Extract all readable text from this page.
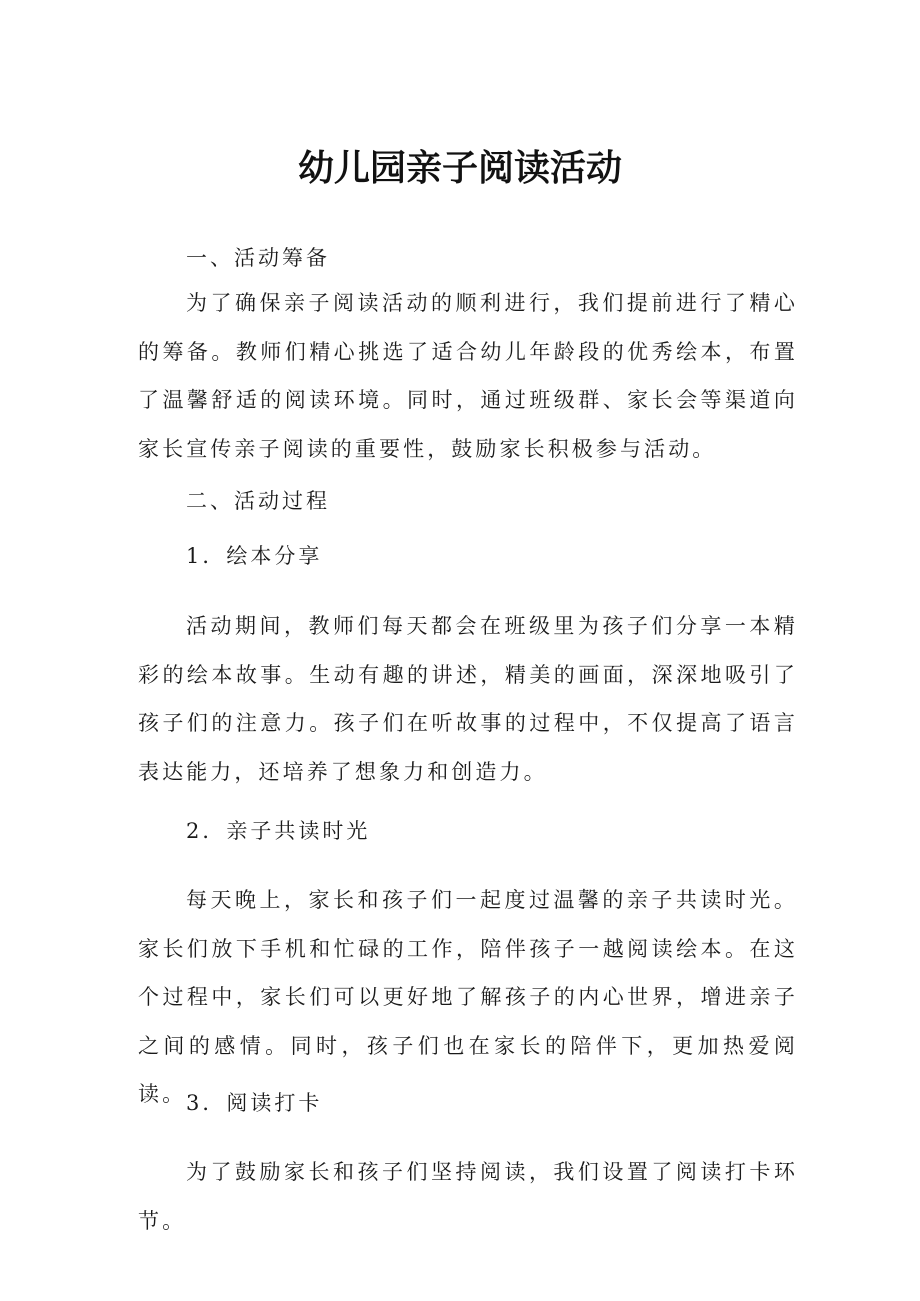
幼儿园亲子阅读活动
一、活动筹备
为了确保亲子阅读活动的顺利进行，我们提前进行了精心的筹备。教师们精心挑选了适合幼儿年龄段的优秀绘本，布置了温馨舒适的阅读环境。同时，通过班级群、家长会等渠道向家长宣传亲子阅读的重要性，鼓励家长积极参与活动。
二、活动过程
1．绘本分享
活动期间，教师们每天都会在班级里为孩子们分享一本精彩的绘本故事。生动有趣的讲述，精美的画面，深深地吸引了孩子们的注意力。孩子们在听故事的过程中，不仅提高了语言表达能力，还培养了想象力和创造力。
2．亲子共读时光
每天晚上，家长和孩子们一起度过温馨的亲子共读时光。家长们放下手机和忙碌的工作，陪伴孩子一越阅读绘本。在这个过程中，家长们可以更好地了解孩子的内心世界，增进亲子之间的感情。同时，孩子们也在家长的陪伴下，更加热爱阅读。 3．阅读打卡
为了鼓励家长和孩子们坚持阅读，我们设置了阅读打卡环节。
